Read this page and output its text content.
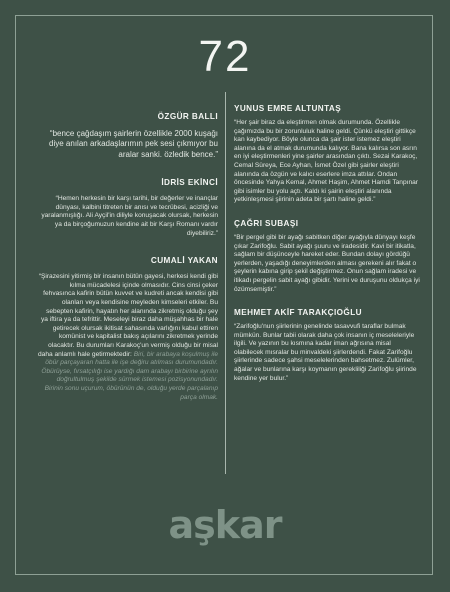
72

ÖZGÜR BALLI

“bence çağdaşım şairlerin özellikle 2000 kuşağı diye anılan arkadaşlarımın pek sesi çıkmıyor bu aralar sanki. özledik bence.”

İDRİS EKİNCİ

“Hemen herkesin bir karşı tarihi, bir değerler ve inançlar dünyası, kalbini titreten bir anısı ve tecrübesi, acizliği ve yaralanmışlığı. Ali Ayçil'in diliyle konuşacak olursak, herkesin ya da birçoğumuzun kendine ait bir Karşı Romanı vardır diyebiliriz.”

CUMALİ YAKAN

“Şirazesini yitirmiş bir insanın bütün gayesi, herkesi kendi gibi kılma mücadelesi içinde olmasıdır. Cins cinsi çeker fehvasınca kafirin bütün kuvvet ve kudreti ancak kendisi gibi olanları veya kendisine meyleden kimseleri etkiler. Bu sebepten kafirin, hayatın her alanında zikretmiş olduğu şey ya iftira ya da tefrittir. Meseleyi biraz daha müşahhas bir hale getirecek olursak ikitisat sahasında varlığını kabul ettiren komünist ve kapitalist bakış açılarını zikretmek yerinde olacaktır. Bu durumları Karakoç'un vermiş olduğu bir misal daha anlamlı hale getirmektedir: Biri, bir arabaya koşulmuş ile öbür parçayaran hatta ile işe değiru atılması durumundadır. Öbürüyse, fırsatçılığı ise yardığı dam arabayı birbirine ayrılın doğrultulmuş şekilde sürmek istemesi pozisyonundadır. Birinin sonu uçurum, öbürünün de, olduğu yerde parçalanıp parça olmak.

YUNUS EMRE ALTUNTAŞ

“Her şair biraz da eleştirmen olmak durumunda. Özellikle çağımızda bu bir zorunluluk haline geldi. Çünkü eleştiri gittikçe kan kaybediyor. Böyle olunca da şair ister istemez eleştiri alanına da el atmak durumunda kalıyor. Bana kalırsa son asrın en iyi eleştirmenleri yine şairler arasından çıktı. Sezai Karakoç, Cemal Süreya, Ece Ayhan, İsmet Özel gibi şairler eleştiri alanında da özgün ve kalıcı eserlere imza attılar. Ondan öncesinde Yahya Kemal, Ahmet Haşim, Ahmet Hamdi Tanpınar gibi isimler bu yolu açtı. Kaldı ki şairin eleştiri alanında yetkinleşmesi şiirinin adeta bir şartı haline geldi.”

ÇAĞRI SUBAŞI

“Bir pergel gibi bir ayağı sabitken diğer ayağıyla dünyayı keşfe çıkar Zarifoğlu. Sabit ayağı şuuru ve iradesidir. Kavi bir itikatla, sağlam bir düşünceyle hareket eder. Bundan dolayı gördüğü yerlerden, yaşadığı deneyimlerden alması gerekeni alır fakat o şeylerin kabına girip şekil değiştirmez. Onun sağlam iradesi ve itikadı pergelin sabit ayağı gibidir. Yerini ve duruşunu oldukça iyi özümsemiştir.”

MEHMET AKİF TARAKÇIOĞLU

“Zarifoğlu'nun şiirlerinin genelinde tasavvufi taraflar bulmak mümkün. Bunlar tabii olarak daha çok insanın iç meseleleriyle ilgili. Ve yazının bu kısmına kadar iman ağrısına misal olabilecek mısralar bu minvaldeki şiirlerdendi. Fakat Zarifoğlu şiirlerinde sadece şahsi meselelerinden bahsetmez. Zulümler, ağalar ve bunlarına karşı koymanın gerekliliği Zarifoğlu şiirinde kendine yer bulur.”

aşkar
